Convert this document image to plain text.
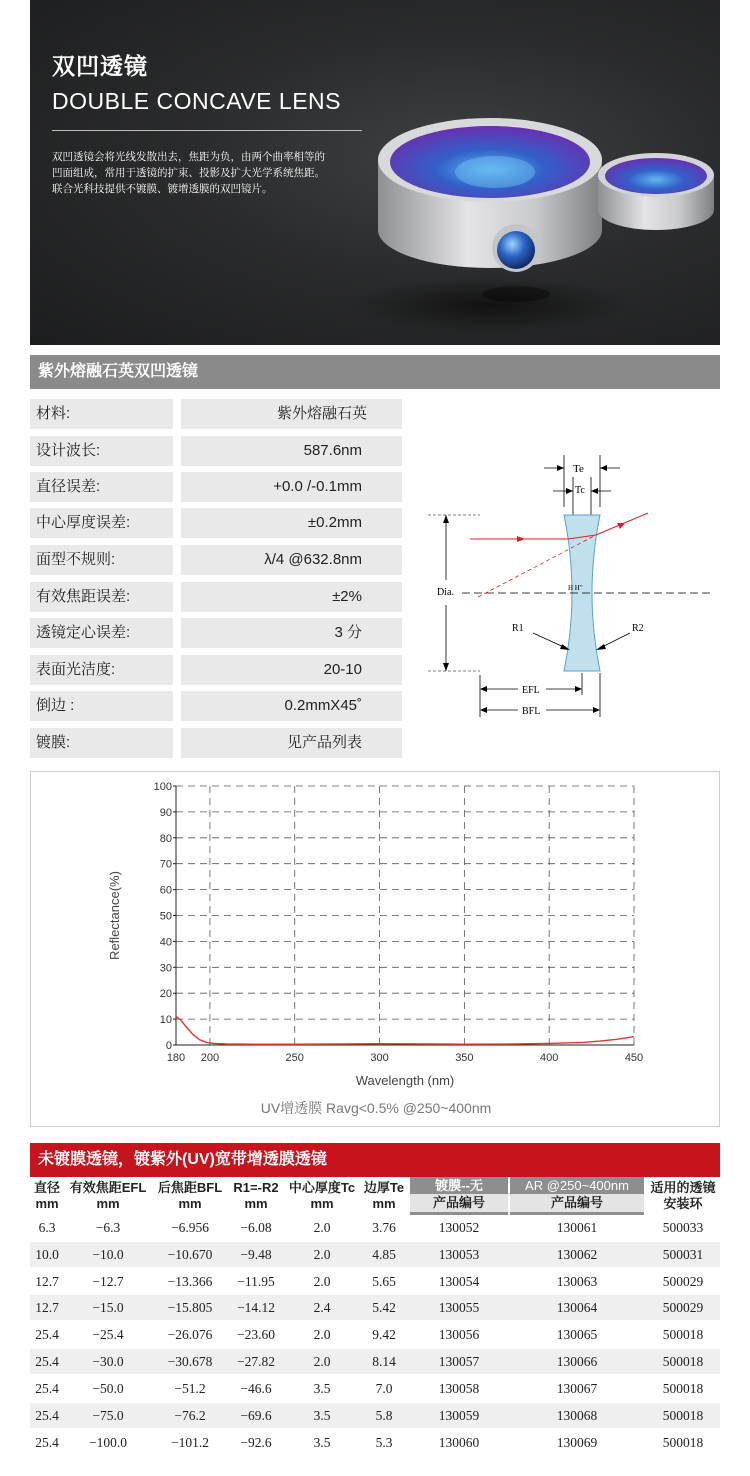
双凹透镜
DOUBLE CONCAVE LENS
双凹透镜会将光线发散出去，焦距为负，由两个曲率相等的
凹面组成，常用于透镜的扩束、投影及扩大光学系统焦距。
联合光科技提供不镀膜、镀增透膜的双凹镜片。
紫外熔融石英双凹透镜
材料:	紫外熔融石英
设计波长:	587.6nm
直径误差:	+0.0 /-0.1mm
中心厚度误差:	±0.2mm
面型不规则:	λ/4 @632.8nm
有效焦距误差:	±2%
透镜定心误差:	3 分
表面光洁度:	20-10
倒边 :	0.2mmX45˚
镀膜:	见产品列表
Te
Tc
Dia.	H H"
R1	R2
EFL
BFL
0
10
20
30
40
50
60
70
80
90
100
180 200	250	300	350	400	450
Wavelength (nm)
Reflectance(%)
UV增透膜 Ravg<0.5% @250~400nm
未镀膜透镜，镀紫外(UV)宽带增透膜透镜
直径
mm
有效焦距EFL
mm
后焦距BFL
mm
R1=-R2
mm
中心厚度Tc
mm
边厚Te
mm
镀膜--无
产品编号
AR @250~400nm
产品编号
适用的透镜
安装环
6.3	−6.3	−6.956	−6.08	2.0	3.76	130052	130061	500033
10.0	−10.0	−10.670	−9.48	2.0	4.85	130053	130062	500031
12.7	−12.7	−13.366	−11.95	2.0	5.65	130054	130063	500029
12.7	−15.0	−15.805	−14.12	2.4	5.42	130055	130064	500029
25.4	−25.4	−26.076	−23.60	2.0	9.42	130056	130065	500018
25.4	−30.0	−30.678	−27.82	2.0	8.14	130057	130066	500018
25.4	−50.0	−51.2	−46.6	3.5	7.0	130058	130067	500018
25.4	−75.0	−76.2	−69.6	3.5	5.8	130059	130068	500018
25.4	−100.0	−101.2	−92.6	3.5	5.3	130060	130069	500018
